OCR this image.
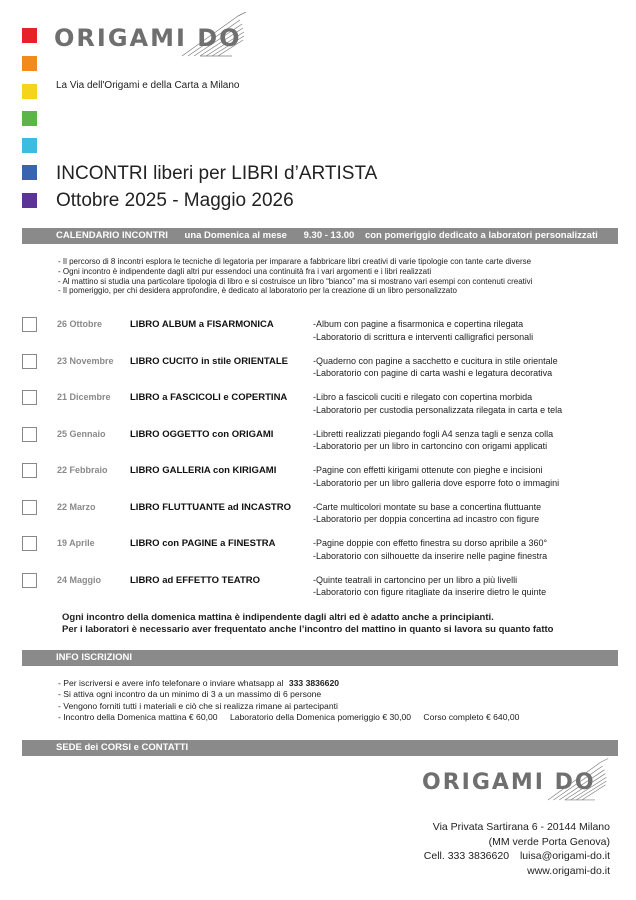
ORIGAMI DO
La Via dell'Origami e della Carta a Milano
INCONTRI liberi per LIBRI d’ARTISTA
Ottobre 2025 - Maggio 2026
CALENDARIO INCONTRI una Domenica al mese 9.30 - 13.00 con pomeriggio dedicato a laboratori personalizzati
- Il percorso di 8 incontri esplora le tecniche di legatoria per imparare a fabbricare libri creativi di varie tipologie con tante carte diverse
- Ogni incontro è indipendente dagli altri pur essendoci una continuità fra i vari argomenti e i libri realizzati
- Al mattino si studia una particolare tipologia di libro e si costruisce un libro “bianco” ma si mostrano vari esempi con contenuti creativi
- Il pomeriggio, per chi desidera approfondire, è dedicato al laboratorio per la creazione di un libro personalizzato
26 Ottobre	LIBRO ALBUM a FISARMONICA	-Album con pagine a fisarmonica e copertina rilegata
-Laboratorio di scrittura e interventi calligrafici personali
23 Novembre LIBRO CUCITO in stile ORIENTALE	-Quaderno con pagine a sacchetto e cucitura in stile orientale
-Laboratorio con pagine di carta washi e legatura decorativa
21 Dicembre LIBRO a FASCICOLI e COPERTINA	-Libro a fascicoli cuciti e rilegato con copertina morbida
-Laboratorio per custodia personalizzata rilegata in carta e tela
25 Gennaio	LIBRO OGGETTO con ORIGAMI	-Libretti realizzati piegando fogli A4 senza tagli e senza colla
-Laboratorio per un libro in cartoncino con origami applicati
22 Febbraio LIBRO GALLERIA con KIRIGAMI	-Pagine con effetti kirigami ottenute con pieghe e incisioni
-Laboratorio per un libro galleria dove esporre foto o immagini
22 Marzo	LIBRO FLUTTUANTE ad INCASTRO -Carte multicolori montate su base a concertina fluttuante
-Laboratorio per doppia concertina ad incastro con figure
19 Aprile	LIBRO con PAGINE a FINESTRA	-Pagine doppie con effetto finestra su dorso apribile a 360°
-Laboratorio con silhouette da inserire nelle pagine finestra
24 Maggio	LIBRO ad EFFETTO TEATRO	-Quinte teatrali in cartoncino per un libro a più livelli
-Laboratorio con figure ritagliate da inserire dietro le quinte
Ogni incontro della domenica mattina è indipendente dagli altri ed è adatto anche a principianti.
Per i laboratori è necessario aver frequentato anche l’incontro del mattino in quanto si lavora su quanto fatto
INFO ISCRIZIONI
- Per iscriversi e avere info telefonare o inviare whatsapp al 333 3836620
- Si attiva ogni incontro da un minimo di 3 a un massimo di 6 persone
- Vengono forniti tutti i materiali e ciò che si realizza rimane ai partecipanti
- Incontro della Domenica mattina € 60,00 Laboratorio della Domenica pomeriggio € 30,00 Corso completo € 640,00
SEDE dei CORSI e CONTATTI
ORIGAMI DO
Via Privata Sartirana 6 - 20144 Milano
(MM verde Porta Genova)
Cell. 333 3836620 luisa@origami-do.it
www.origami-do.it
